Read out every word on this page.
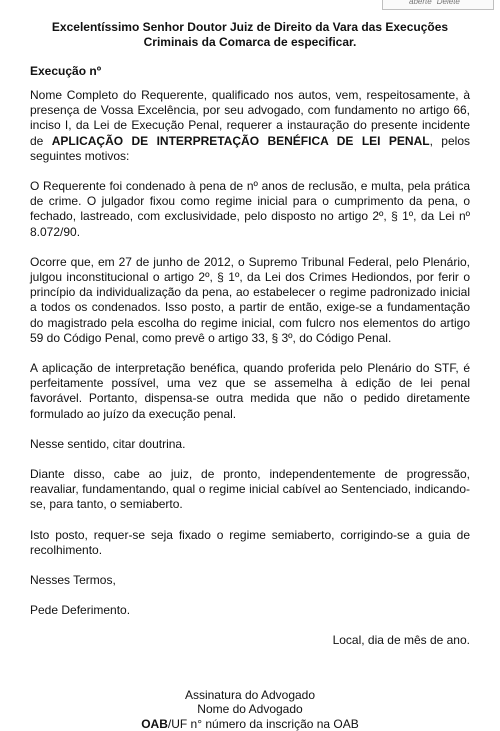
aberte "Delete"

Excelentíssimo Senhor Doutor Juiz de Direito da Vara das Execuções Criminais da Comarca de especificar.

Execução nº

Nome Completo do Requerente, qualificado nos autos, vem, respeitosamente, à presença de Vossa Excelência, por seu advogado, com fundamento no artigo 66, inciso I, da Lei de Execução Penal, requerer a instauração do presente incidente de APLICAÇÃO DE INTERPRETAÇÃO BENÉFICA DE LEI PENAL, pelos seguintes motivos:

O Requerente foi condenado à pena de nº anos de reclusão, e multa, pela prática de crime. O julgador fixou como regime inicial para o cumprimento da pena, o fechado, lastreado, com exclusividade, pelo disposto no artigo 2º, § 1º, da Lei nº 8.072/90.

Ocorre que, em 27 de junho de 2012, o Supremo Tribunal Federal, pelo Plenário, julgou inconstitucional o artigo 2º, § 1º, da Lei dos Crimes Hediondos, por ferir o princípio da individualização da pena, ao estabelecer o regime padronizado inicial a todos os condenados. Isso posto, a partir de então, exige-se a fundamentação do magistrado pela escolha do regime inicial, com fulcro nos elementos do artigo 59 do Código Penal, como prevê o artigo 33, § 3º, do Código Penal.

A aplicação de interpretação benéfica, quando proferida pelo Plenário do STF, é perfeitamente possível, uma vez que se assemelha à edição de lei penal favorável. Portanto, dispensa-se outra medida que não o pedido diretamente formulado ao juízo da execução penal.

Nesse sentido, citar doutrina.

Diante disso, cabe ao juiz, de pronto, independentemente de progressão, reavaliar, fundamentando, qual o regime inicial cabível ao Sentenciado, indicando-se, para tanto, o semiaberto.

Isto posto, requer-se seja fixado o regime semiaberto, corrigindo-se a guia de recolhimento.

Nesses Termos,

Pede Deferimento.

Local, dia de mês de ano.

Assinatura do Advogado
Nome do Advogado
OAB/UF n° número da inscrição na OAB
